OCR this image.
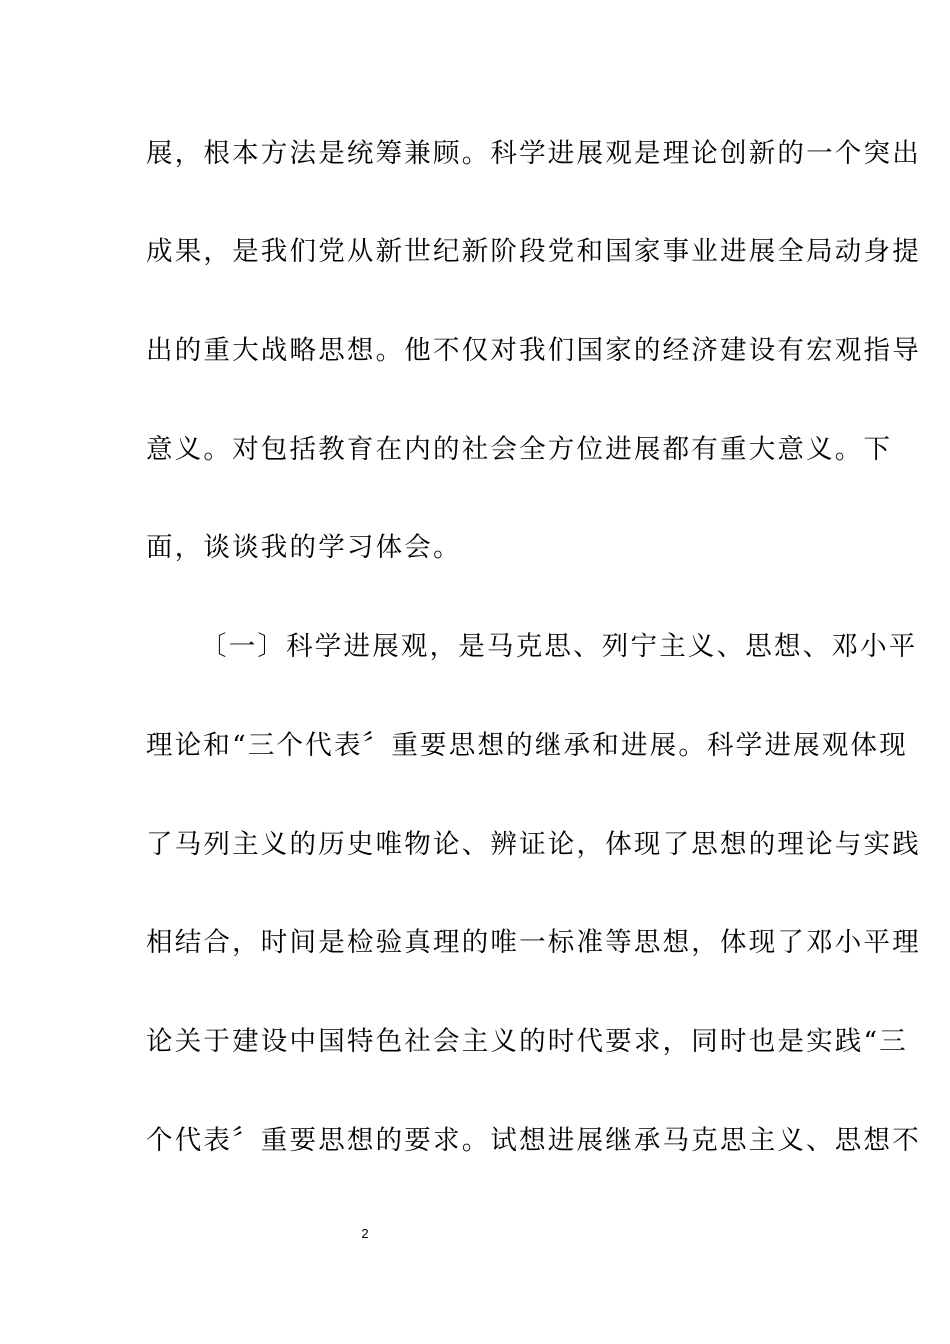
展，根本方法是统筹兼顾。科学进展观是理论创新的一个突出
成果，是我们党从新世纪新阶段党和国家事业进展全局动身提
出的重大战略思想。他不仅对我们国家的经济建设有宏观指导
意义。对包括教育在内的社会全方位进展都有重大意义。下
面，谈谈我的学习体会。
〔一〕科学进展观，是马克思、列宁主义、思想、邓小平
理论和“三个代表〞重要思想的继承和进展。科学进展观体现
了马列主义的历史唯物论、辨证论，体现了思想的理论与实践
相结合，时间是检验真理的唯一标准等思想，体现了邓小平理
论关于建设中国特色社会主义的时代要求，同时也是实践“三
个代表〞重要思想的要求。试想进展继承马克思主义、思想不
2
